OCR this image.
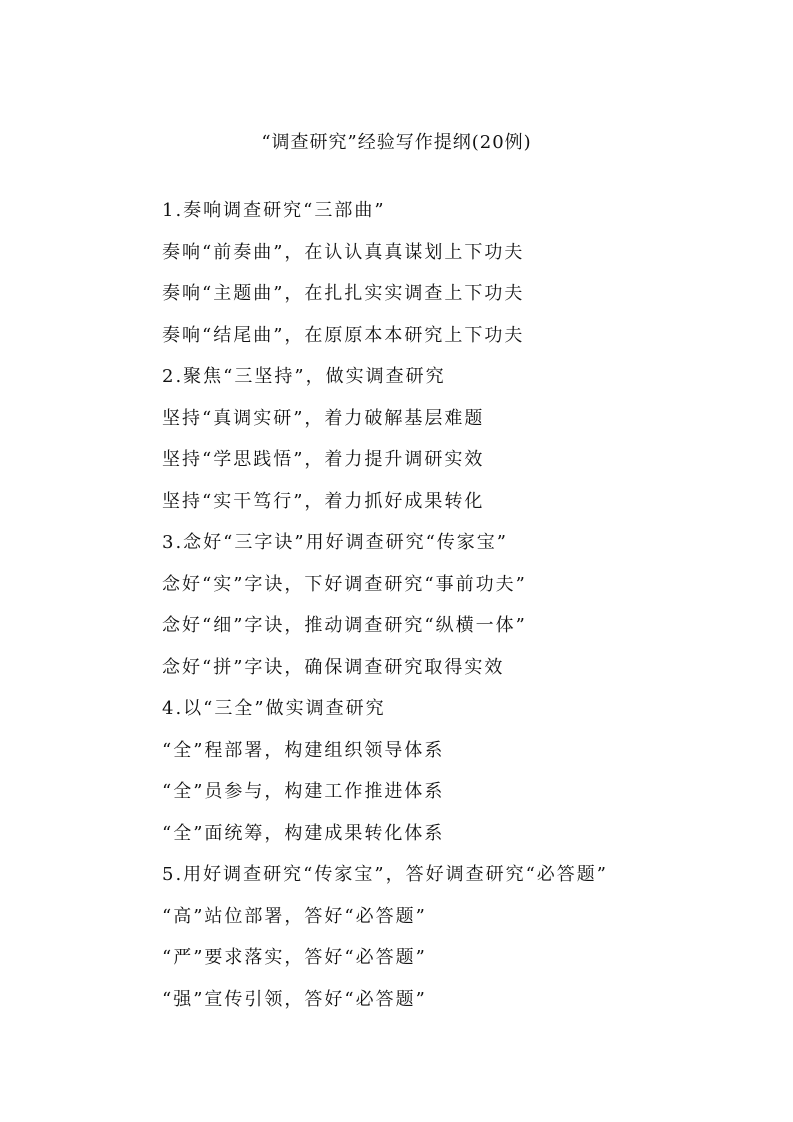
“调查研究”经验写作提纲(20例)
1.奏响调查研究“三部曲”
奏响“前奏曲”，在认认真真谋划上下功夫
奏响“主题曲”，在扎扎实实调查上下功夫
奏响“结尾曲”，在原原本本研究上下功夫
2.聚焦“三坚持”，做实调查研究
坚持“真调实研”，着力破解基层难题
坚持“学思践悟”，着力提升调研实效
坚持“实干笃行”，着力抓好成果转化
3.念好“三字诀”用好调查研究“传家宝”
念好“实”字诀，下好调查研究“事前功夫”
念好“细”字诀，推动调查研究“纵横一体”
念好“拼”字诀，确保调查研究取得实效
4.以“三全”做实调查研究
“全”程部署，构建组织领导体系
“全”员参与，构建工作推进体系
“全”面统筹，构建成果转化体系
5.用好调查研究“传家宝”，答好调查研究“必答题”
“高”站位部署，答好“必答题”
“严”要求落实，答好“必答题”
“强”宣传引领，答好“必答题”
